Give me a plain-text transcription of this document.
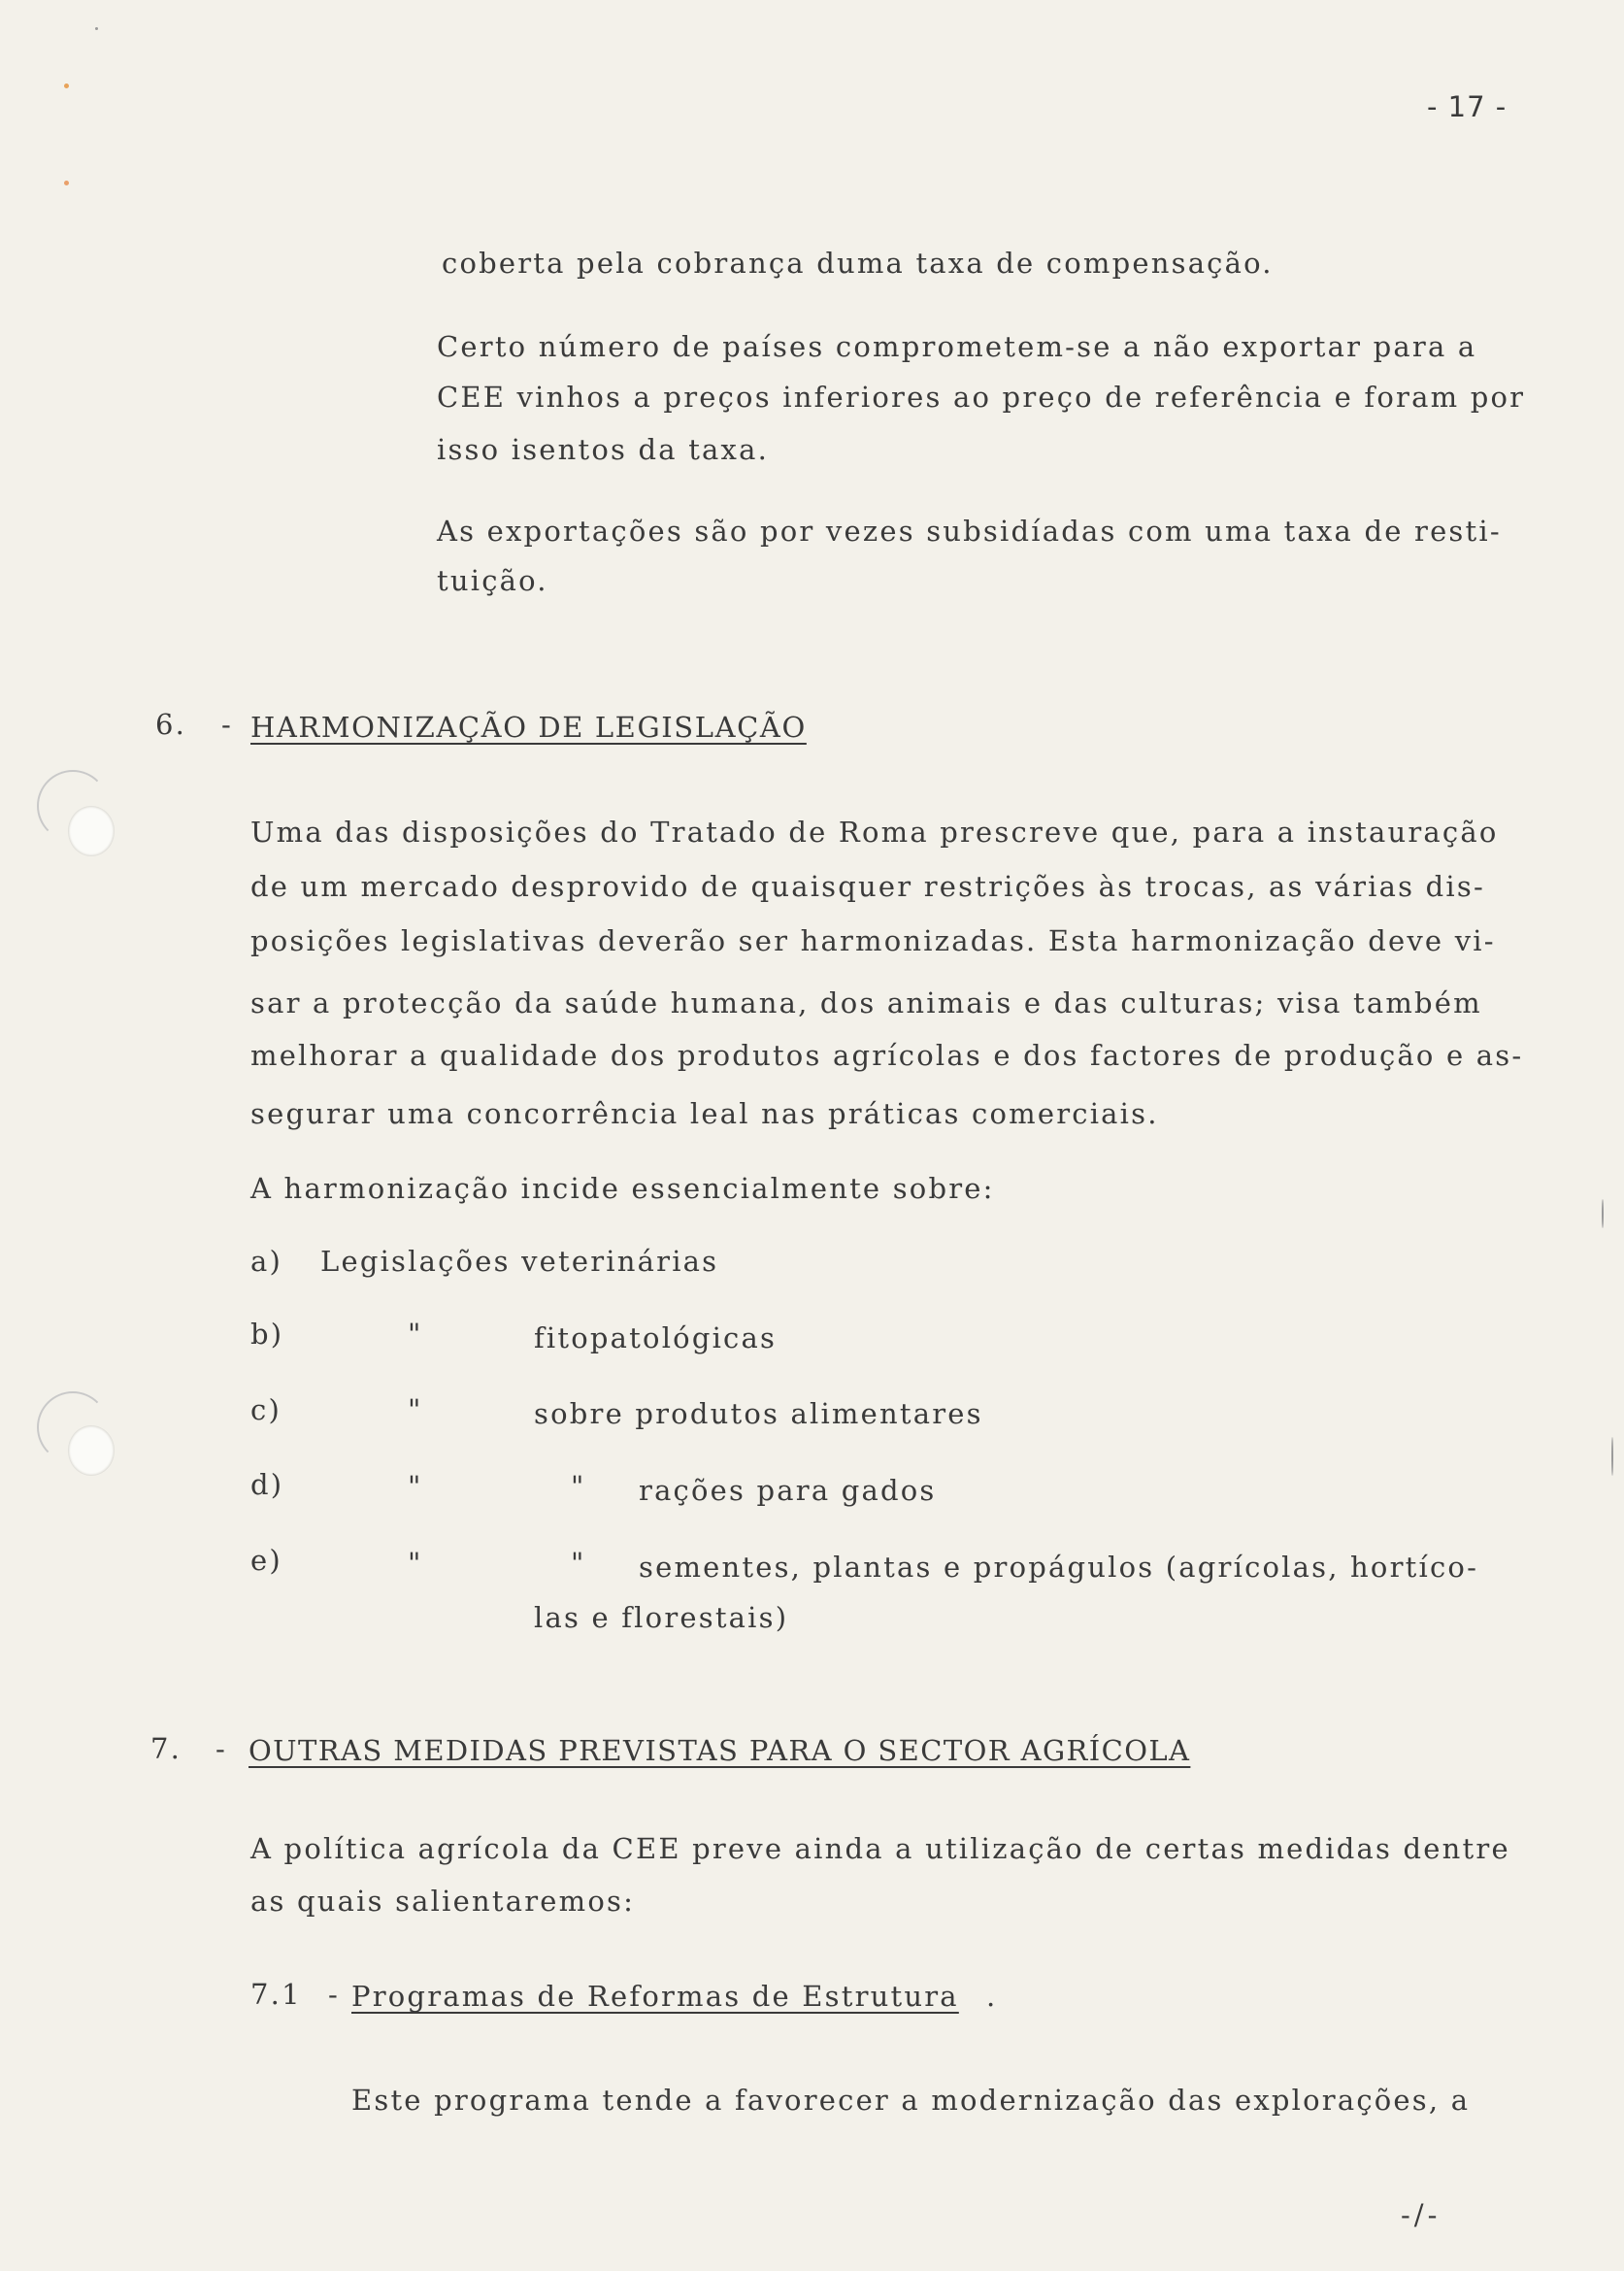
- 17 -
coberta pela cobrança duma taxa de compensação.
Certo número de países comprometem-se a não exportar para a
CEE vinhos a preços inferiores ao preço de referência e foram por
isso isentos da taxa.
As exportações são por vezes subsidíadas com uma taxa de resti-
tuição.
6. - HARMONIZAÇÃO DE LEGISLAÇÃO
Uma das disposições do Tratado de Roma prescreve que, para a instauração
de um mercado desprovido de quaisquer restrições às trocas, as várias dis-
posições legislativas deverão ser harmonizadas. Esta harmonização deve vi-
sar a protecção da saúde humana, dos animais e das culturas; visa também
melhorar a qualidade dos produtos agrícolas e dos factores de produção e as-
segurar uma concorrência leal nas práticas comerciais.
A harmonização incide essencialmente sobre:
a) Legislações veterinárias
b)	"	fitopatológicas
c)	"	sobre produtos alimentares
d)	"	" rações para gados
e)	"	" sementes, plantas e propágulos (agrícolas, hortíco-
las e florestais)
7. - OUTRAS MEDIDAS PREVISTAS PARA O SECTOR AGRÍCOLA
A política agrícola da CEE preve ainda a utilização de certas medidas dentre
as quais salientaremos:
7.1 - Programas de Reformas de Estrutura .
Este programa tende a favorecer a modernização das explorações, a
-/-
